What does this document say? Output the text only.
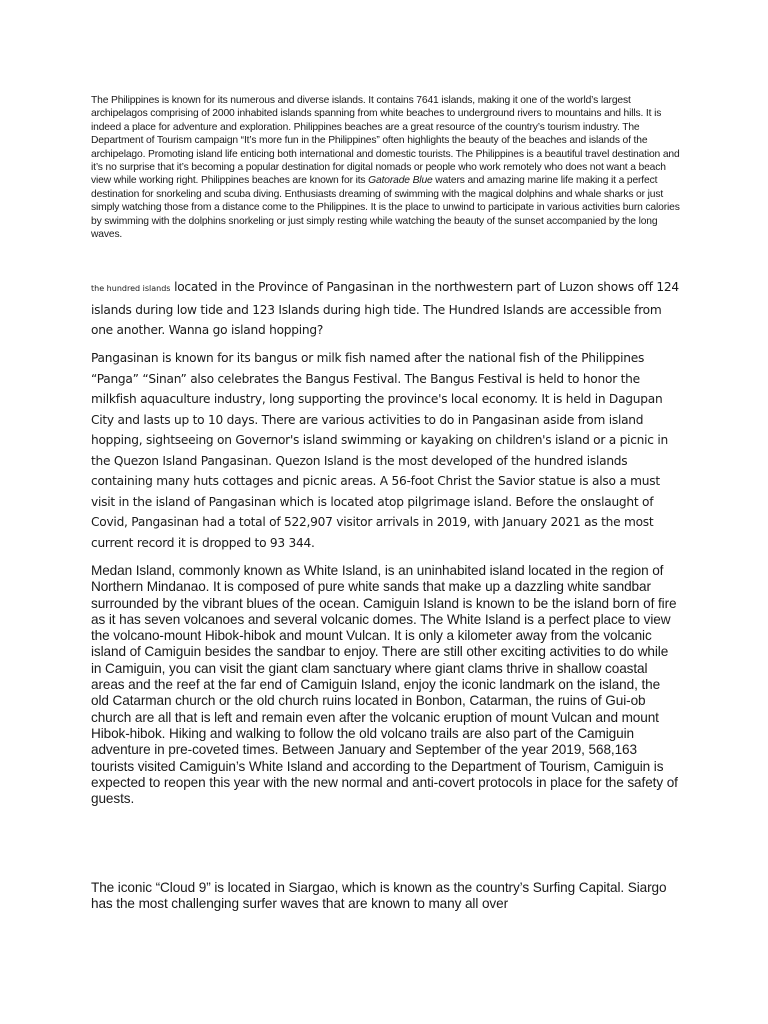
The Philippines is known for its numerous and diverse islands. It contains 7641 islands, making it one of the world’s largest archipelagos comprising of 2000 inhabited islands spanning from white beaches to underground rivers to mountains and hills. It is indeed a place for adventure and exploration. Philippines beaches are a great resource of the country’s tourism industry. The Department of Tourism campaign “It’s more fun in the Philippines” often highlights the beauty of the beaches and islands of the archipelago. Promoting island life enticing both international and domestic tourists. The Philippines is a beautiful travel destination and it’s no surprise that it’s becoming a popular destination for digital nomads or people who work remotely who does not want a beach view while working right. Philippines beaches are known for its Gatorade Blue waters and amazing marine life making it a perfect destination for snorkeling and scuba diving. Enthusiasts dreaming of swimming with the magical dolphins and whale sharks or just simply watching those from a distance come to the Philippines. It is the place to unwind to participate in various activities burn calories by swimming with the dolphins snorkeling or just simply resting while watching the beauty of the sunset accompanied by the long waves.

the hundred islands located in the Province of Pangasinan in the northwestern part of Luzon shows off 124 islands during low tide and 123 Islands during high tide. The Hundred Islands are accessible from one another. Wanna go island hopping?

Pangasinan is known for its bangus or milk fish named after the national fish of the Philippines “Panga” “Sinan” also celebrates the Bangus Festival. The Bangus Festival is held to honor the milkfish aquaculture industry, long supporting the province's local economy. It is held in Dagupan City and lasts up to 10 days. There are various activities to do in Pangasinan aside from island hopping, sightseeing on Governor's island swimming or kayaking on children's island or a picnic in the Quezon Island Pangasinan. Quezon Island is the most developed of the hundred islands containing many huts cottages and picnic areas. A 56-foot Christ the Savior statue is also a must visit in the island of Pangasinan which is located atop pilgrimage island. Before the onslaught of Covid, Pangasinan had a total of 522,907 visitor arrivals in 2019, with January 2021 as the most current record it is dropped to 93 344.

Medan Island, commonly known as White Island, is an uninhabited island located in the region of Northern Mindanao. It is composed of pure white sands that make up a dazzling white sandbar surrounded by the vibrant blues of the ocean. Camiguin Island is known to be the island born of fire as it has seven volcanoes and several volcanic domes. The White Island is a perfect place to view the volcano-mount Hibok-hibok and mount Vulcan. It is only a kilometer away from the volcanic island of Camiguin besides the sandbar to enjoy. There are still other exciting activities to do while in Camiguin, you can visit the giant clam sanctuary where giant clams thrive in shallow coastal areas and the reef at the far end of Camiguin Island, enjoy the iconic landmark on the island, the old Catarman church or the old church ruins located in Bonbon, Catarman, the ruins of Gui-ob church are all that is left and remain even after the volcanic eruption of mount Vulcan and mount Hibok-hibok. Hiking and walking to follow the old volcano trails are also part of the Camiguin adventure in pre-coveted times. Between January and September of the year 2019, 568,163 tourists visited Camiguin’s White Island and according to the Department of Tourism, Camiguin is expected to reopen this year with the new normal and anti-covert protocols in place for the safety of guests.

The iconic “Cloud 9” is located in Siargao, which is known as the country’s Surfing Capital. Siargo has the most challenging surfer waves that are known to many all over
